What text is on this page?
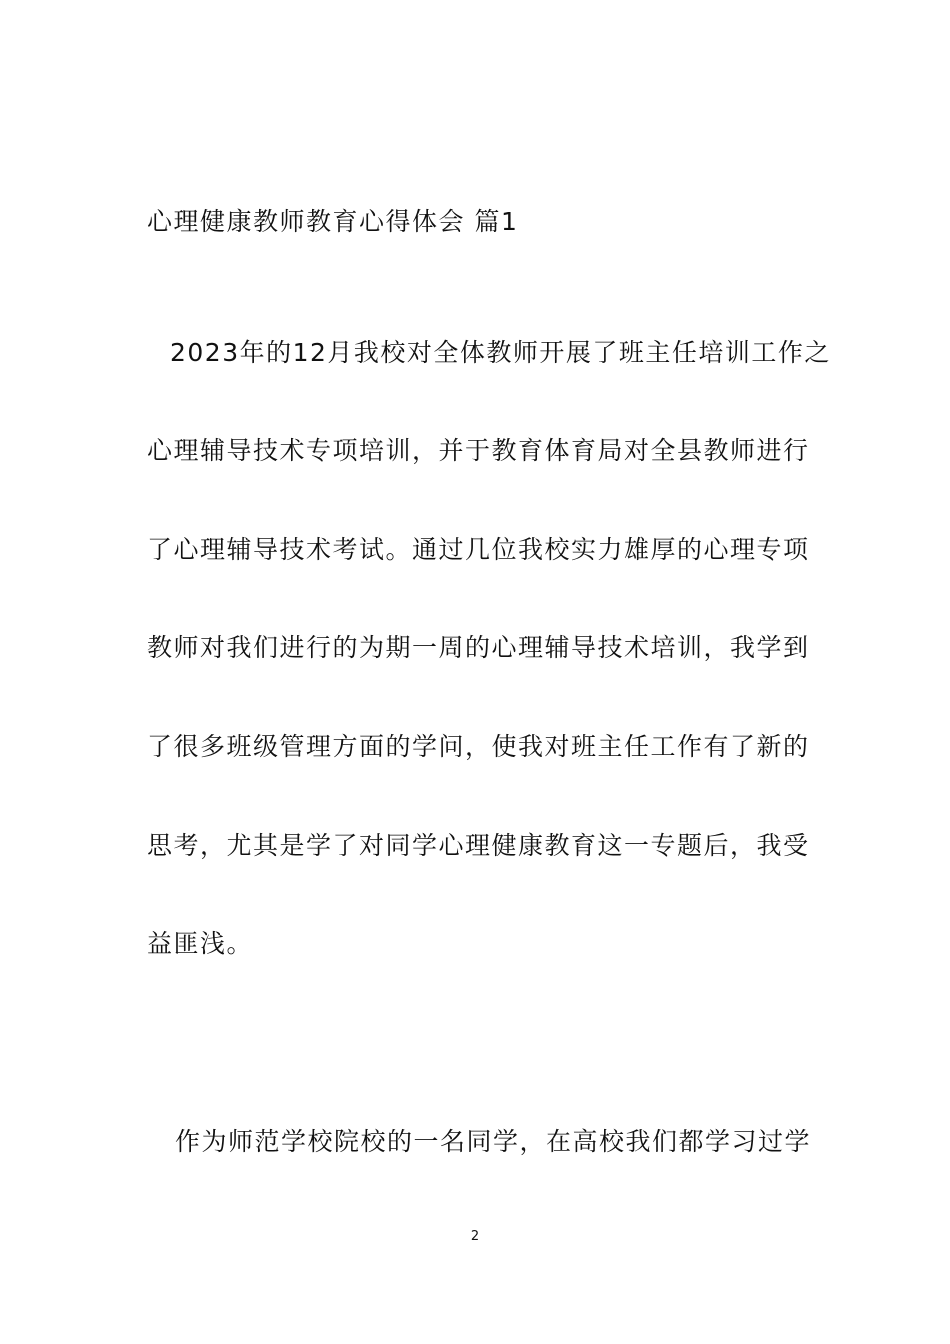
心理健康教师教育心得体会 篇1
2023年的12月我校对全体教师开展了班主任培训工作之
心理辅导技术专项培训，并于教育体育局对全县教师进行
了心理辅导技术考试。通过几位我校实力雄厚的心理专项
教师对我们进行的为期一周的心理辅导技术培训，我学到
了很多班级管理方面的学问，使我对班主任工作有了新的
思考，尤其是学了对同学心理健康教育这一专题后，我受
益匪浅。
作为师范学校院校的一名同学，在高校我们都学习过学
2
